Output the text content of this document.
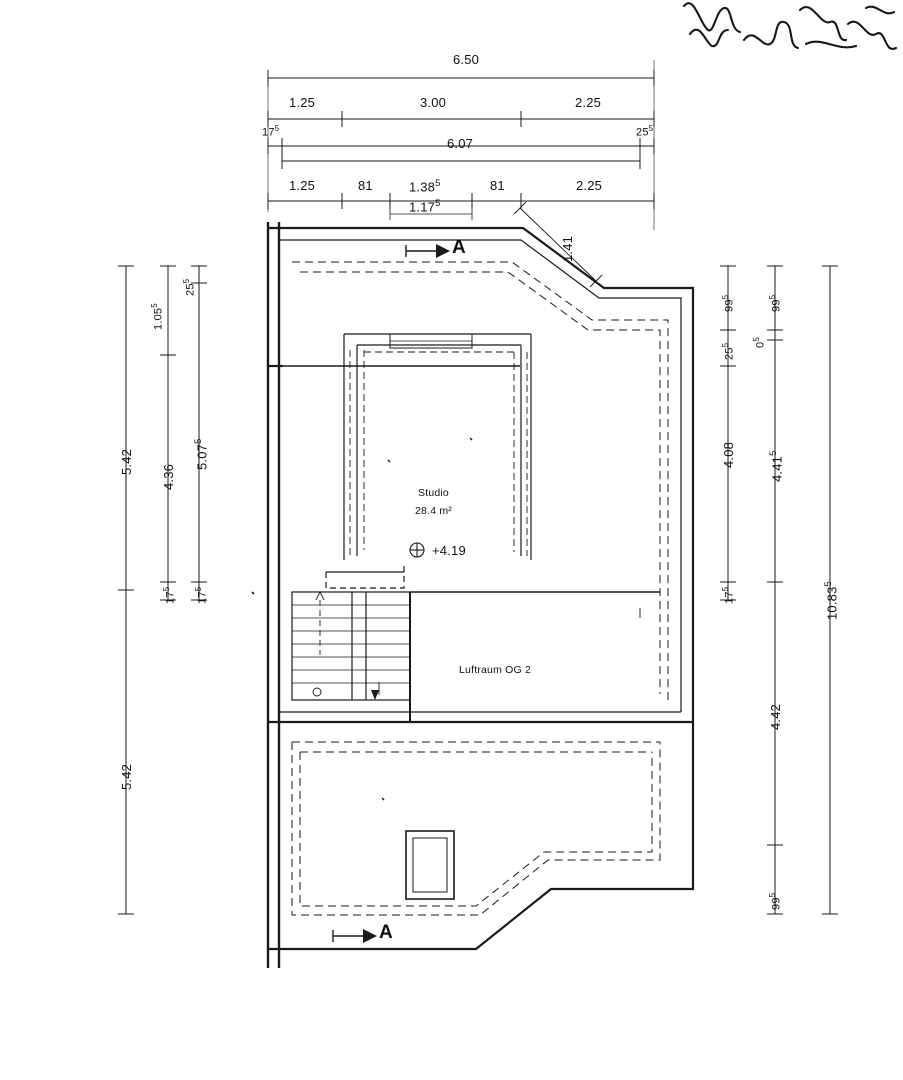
6.50
1.25	3.00	2.25
$17^5$	$25^5$
6.07
1.25	81	1.38$^5$	81	2.25
1.17$^5$
1.41
5.42
5.42
1.05$^5$
4.36
$17^5$
$25^5$
5.07$^5$
$17^5$
$99^5$
$25^5$
4.08
$17^5$
$0^5$
$99^5$
4.41$^5$
4.42
$99^5$
10.83$^5$
Studio
28.4 m²
+4.19
Luftraum OG 2
A
A
